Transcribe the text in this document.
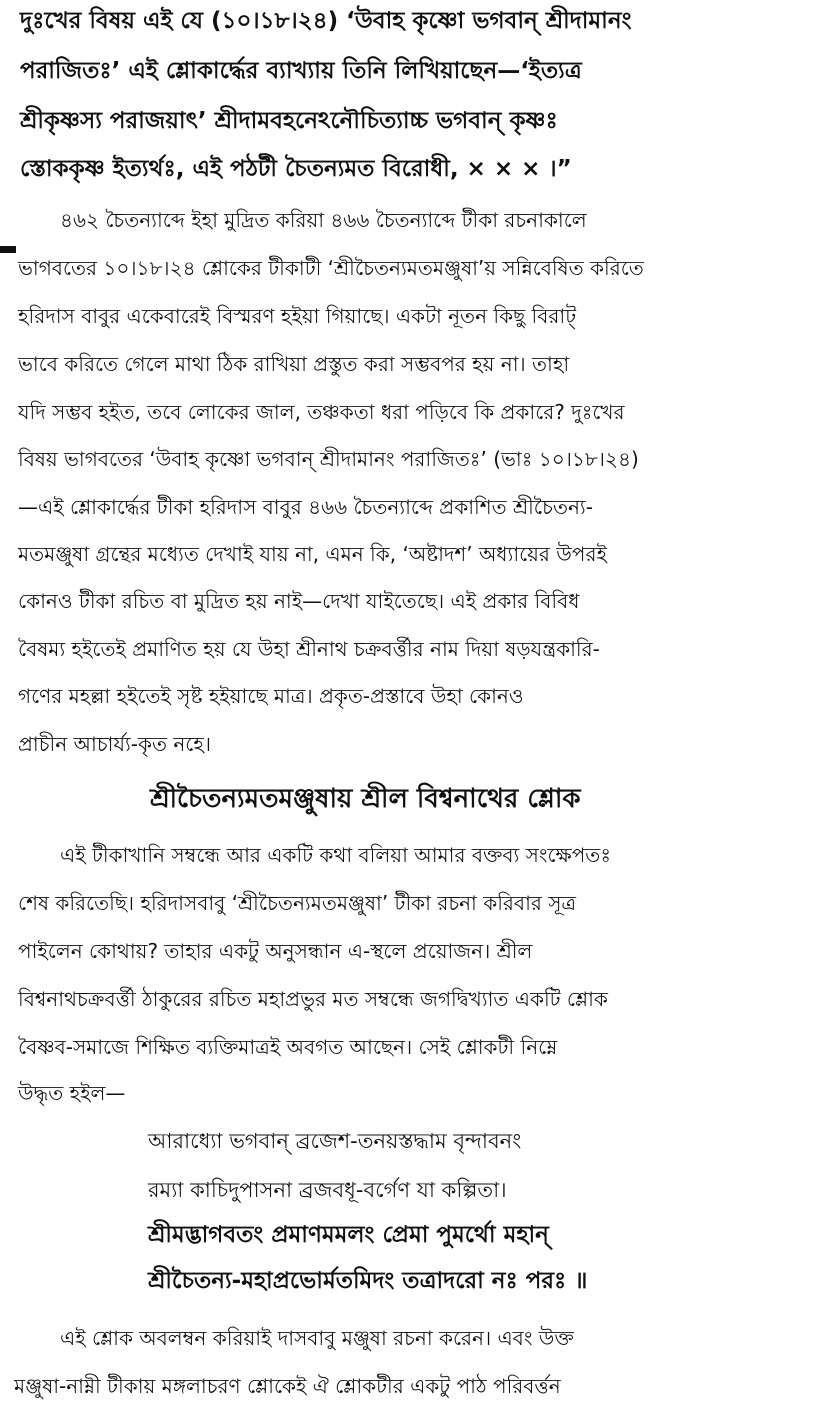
দুঃখের বিষয় এই যে (১০।১৮।২৪) ‘উবাহ কৃষ্ণো ভগবান্ শ্রীদামানং
পরাজিতঃ’ এই শ্লোকার্দ্ধের ব্যাখ্যায় তিনি লিখিয়াছেন—‘ইত্যত্র
শ্রীকৃষ্ণস্য পরাজয়াৎ’ শ্রীদামবহনেঽনৌচিত্যাচ্চ ভগবান্ কৃষ্ণঃ
স্তোককৃষ্ণ ইত্যর্থঃ, এই পঠটী চৈতন্যমত বিরোধী, × × × ।”
৪৬২ চৈতন্যাব্দে ইহা মুদ্রিত করিয়া ৪৬৬ চৈতন্যাব্দে টীকা রচনাকালে
ভাগবতের ১০।১৮।২৪ শ্লোকের টীকাটী ‘শ্রীচৈতন্যমতমঞ্জুষা’য় সন্নিবেষিত করিতে
হরিদাস বাবুর একেবারেই বিস্মরণ হইয়া গিয়াছে। একটা নূতন কিছু বিরাট্
ভাবে করিতে গেলে মাথা ঠিক রাখিয়া প্রস্তুত করা সম্ভবপর হয় না। তাহা
যদি সম্ভব হইত, তবে লোকের জাল, তঞ্চকতা ধরা পড়িবে কি প্রকারে? দুঃখের
বিষয় ভাগবতের ‘উবাহ কৃষ্ণো ভগবান্ শ্রীদামানং পরাজিতঃ’ (ভাঃ ১০।১৮।২৪)
—এই শ্লোকার্দ্ধের টীকা হরিদাস বাবুর ৪৬৬ চৈতন্যাব্দে প্রকাশিত শ্রীচৈতন্য-
মতমঞ্জুষা গ্রন্থের মধ্যেত দেখাই যায় না, এমন কি, ‘অষ্টাদশ’ অধ্যায়ের উপরই
কোনও টীকা রচিত বা মুদ্রিত হয় নাই—দেখা যাইতেছে। এই প্রকার বিবিধ
বৈষম্য হইতেই প্রমাণিত হয় যে উহা শ্রীনাথ চক্রবর্ত্তীর নাম দিয়া ষড়যন্ত্রকারি-
গণের মহল্লা হইতেই সৃষ্ট হইয়াছে মাত্র। প্রকৃত-প্রস্তাবে উহা কোনও
প্রাচীন আচার্য্য-কৃত নহে।
শ্রীচৈতন্যমতমঞ্জুষায় শ্রীল বিশ্বনাথের শ্লোক
এই টীকাখানি সম্বন্ধে আর একটি কথা বলিয়া আমার বক্তব্য সংক্ষেপতঃ
শেষ করিতেছি। হরিদাসবাবু ‘শ্রীচৈতন্যমতমঞ্জুষা’ টীকা রচনা করিবার সূত্র
পাইলেন কোথায়? তাহার একটু অনুসন্ধান এ-স্থলে প্রয়োজন। শ্রীল
বিশ্বনাথচক্রবর্ত্তী ঠাকুরের রচিত মহাপ্রভুর মত সম্বন্ধে জগদ্বিখ্যাত একটি শ্লোক
বৈষ্ণব-সমাজে শিক্ষিত ব্যক্তিমাত্রই অবগত আছেন। সেই শ্লোকটী নিম্নে
উদ্ধৃত হইল—
আরাধ্যো ভগবান্ ব্রজেশ-তনয়স্তদ্ধাম বৃন্দাবনং
রম্যা কাচিদুপাসনা ব্রজবধূ-বর্গেণ যা কল্পিতা।
শ্রীমদ্ভাগবতং প্রমাণমমলং প্রেমা পুমর্থো মহান্
শ্রীচৈতন্য-মহাপ্রভোর্মতমিদং তত্রাদরো নঃ পরঃ ॥
এই শ্লোক অবলম্বন করিয়াই দাসবাবু মঞ্জুষা রচনা করেন। এবং উক্ত
মঞ্জুষা-নাম্নী টীকায় মঙ্গলাচরণ শ্লোকেই ঐ শ্লোকটীর একটু পাঠ পরিবর্ত্তন
